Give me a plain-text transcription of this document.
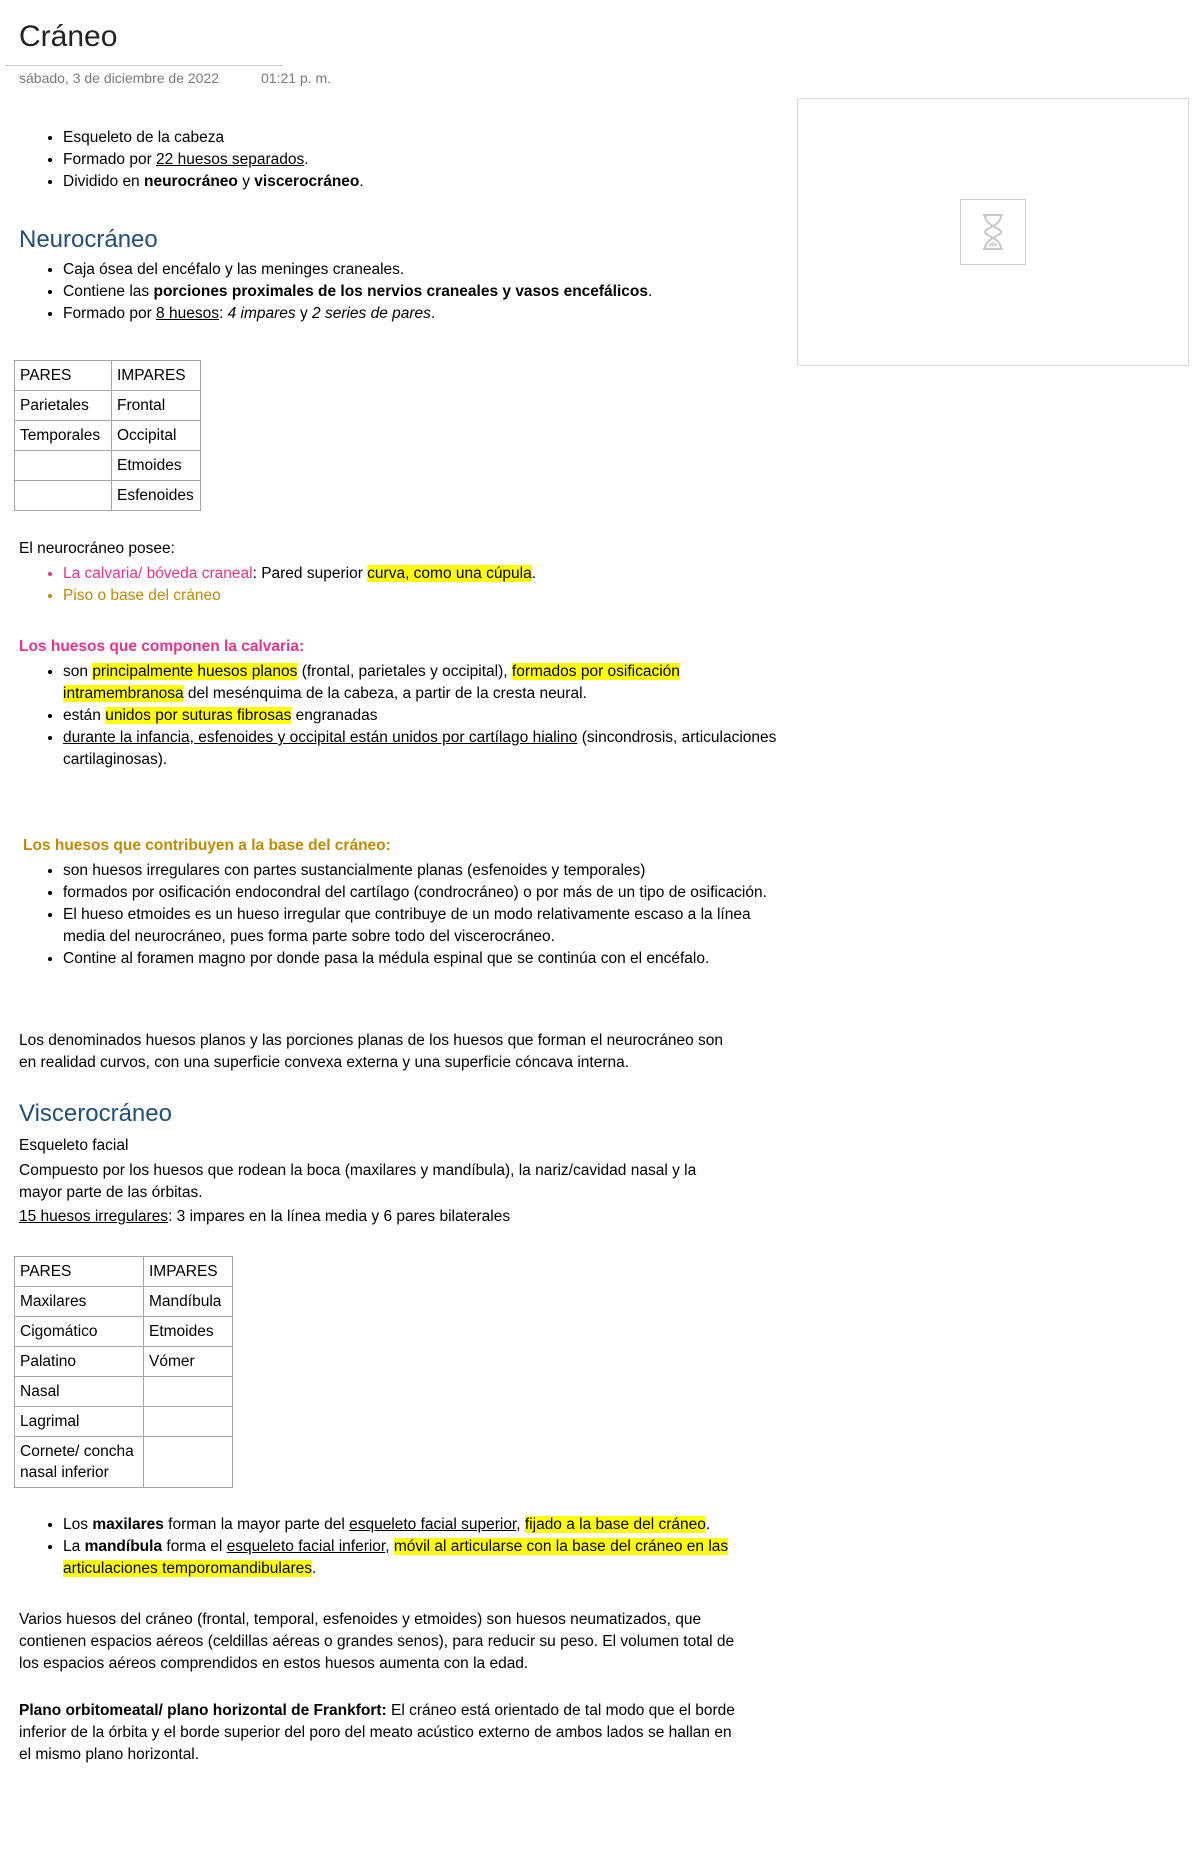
Cráneo
sábado, 3 de diciembre de 2022	01:21 p. m.
• Esqueleto de la cabeza
• Formado por 22 huesos separados.
• Dividido en neurocráneo y viscerocráneo.
Neurocráneo
• Caja ósea del encéfalo y las meninges craneales.
• Contiene las porciones proximales de los nervios craneales y vasos encefálicos.
• Formado por 8 huesos: 4 impares y 2 series de pares.
PARES	IMPARES
Parietales	Frontal
Temporales	Occipital
	Etmoides
	Esfenoides

El neurocráneo posee:

• La calvaria/ bóveda craneal: Pared superior curva, como una cúpula.
• Piso o base del cráneo

Los huesos que componen la calvaria:

• son principalmente huesos planos (frontal, parietales y occipital), formados por osificación intramembranosa del mesénquima de la cabeza, a partir de la cresta neural.
• están unidos por suturas fibrosas engranadas
• durante la infancia, esfenoides y occipital están unidos por cartílago hialino (sincondrosis, articulaciones cartilaginosas).

Los huesos que contribuyen a la base del cráneo:

• son huesos irregulares con partes sustancialmente planas (esfenoides y temporales)
• formados por osificación endocondral del cartílago (condrocráneo) o por más de un tipo de osificación.
• El hueso etmoides es un hueso irregular que contribuye de un modo relativamente escaso a la línea media del neurocráneo, pues forma parte sobre todo del viscerocráneo.
• Contine al foramen magno por donde pasa la médula espinal que se continúa con el encéfalo.

Los denominados huesos planos y las porciones planas de los huesos que forman el neurocráneo son en realidad curvos, con una superficie convexa externa y una superficie cóncava interna.

Viscerocráneo

Esqueleto facial

Compuesto por los huesos que rodean la boca (maxilares y mandíbula), la nariz/cavidad nasal y la mayor parte de las órbitas.

15 huesos irregulares: 3 impares en la línea media y 6 pares bilaterales

PARES	IMPARES
Maxilares	Mandíbula
Cigomático	Etmoides
Palatino	Vómer
Nasal	
Lagrimal	
Cornete/ concha nasal inferior	
• Los maxilares forman la mayor parte del esqueleto facial superior, fijado a la base del cráneo.
• La mandíbula forma el esqueleto facial inferior, móvil al articularse con la base del cráneo en las articulaciones temporomandibulares.

Varios huesos del cráneo (frontal, temporal, esfenoides y etmoides) son huesos neumatizados, que contienen espacios aéreos (celdillas aéreas o grandes senos), para reducir su peso. El volumen total de los espacios aéreos comprendidos en estos huesos aumenta con la edad.

Plano orbitomeatal/ plano horizontal de Frankfort: El cráneo está orientado de tal modo que el borde inferior de la órbita y el borde superior del poro del meato acústico externo de ambos lados se hallan en el mismo plano horizontal.
